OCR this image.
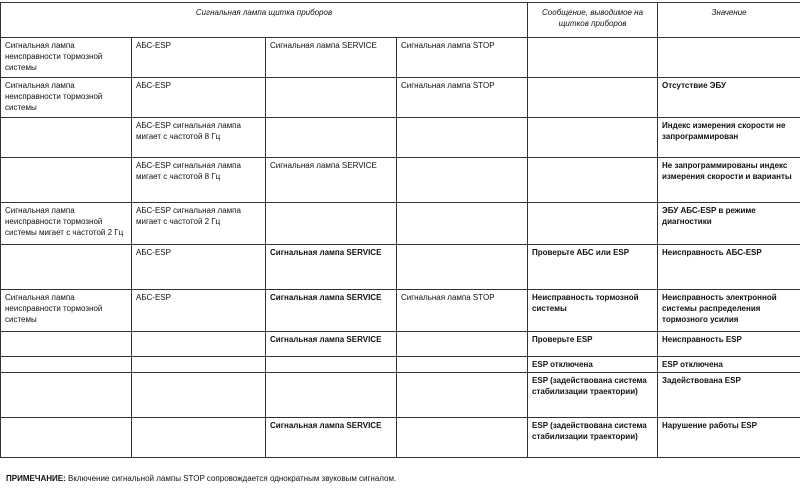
Сигнальная лампа щитка приборов				Сообщение, выводимое на щитков приборов	Значение
Сигнальная лампа неисправности тормозной системы	АБС-ESP	Сигнальная лампа SERVICE	Сигнальная лампа STOP		
Сигнальная лампа неисправности тормозной системы	АБС-ESP		Сигнальная лампа STOP		Отсутствие ЭБУ
	АБС-ESP сигнальная лампа мигает с частотой 8 Гц				Индекс измерения скорости не запрограммирован
	АБС-ESP сигнальная лампа мигает с частотой 8 Гц	Сигнальная лампа SERVICE			Не запрограммированы индекс измерения скорости и варианты
Сигнальная лампа неисправности тормозной системы мигает с частотой 2 Гц	АБС-ESP сигнальная лампа мигает с частотой 2 Гц				ЭБУ АБС-ESP в режиме диагностики
	АБС-ESP	Сигнальная лампа SERVICE		Проверьте АБС или ESP	Неисправность АБС-ESP
Сигнальная лампа неисправности тормозной системы	АБС-ESP	Сигнальная лампа SERVICE	Сигнальная лампа STOP	Неисправность тормозной системы	Неисправность электронной системы распределения тормозного усилия
		Сигнальная лампа SERVICE		Проверьте ESP	Неисправность ESP
				ESP отключена	ESP отключена
				ESP (задействована система стабилизации траектории)	Задействована ESP
		Сигнальная лампа SERVICE		ESP (задействована система стабилизации траектории)	Нарушение работы ESP
ПРИМЕЧАНИЕ: Включение сигнальной лампы STOP сопровождается однократным звуковым сигналом.
